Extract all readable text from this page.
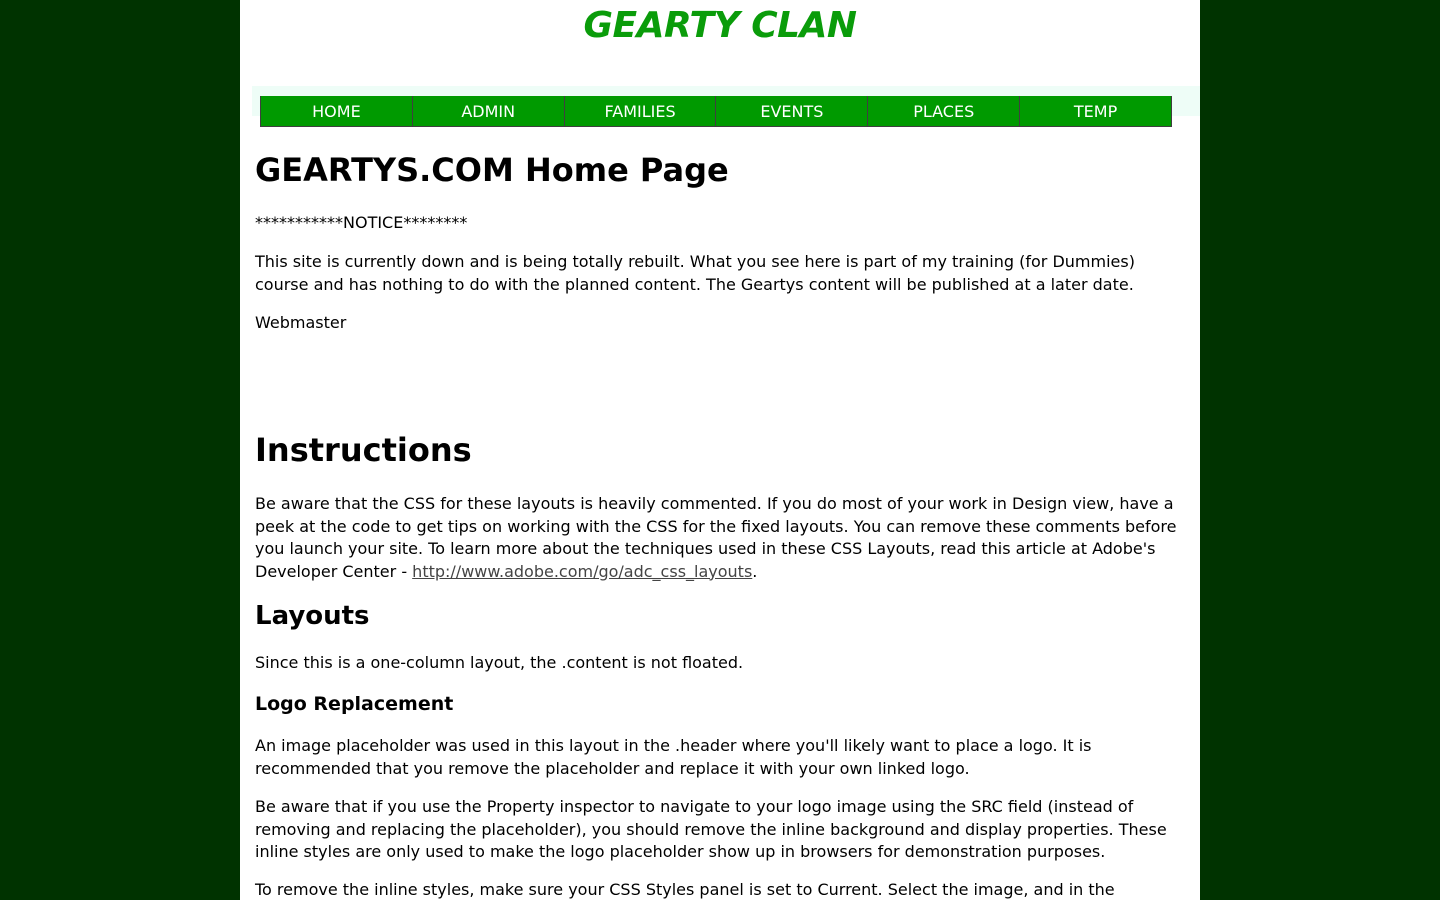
GEARTY CLAN
HOME	ADMIN	FAMILIES	EVENTS	PLACES	TEMP
GEARTYS.COM Home Page

***********NOTICE********

This site is currently down and is being totally rebuilt. What you see here is part of my training (for Dummies) course and has nothing to do with the planned content. The Geartys content will be published at a later date.

Webmaster

Instructions

Be aware that the CSS for these layouts is heavily commented. If you do most of your work in Design view, have a peek at the code to get tips on working with the CSS for the fixed layouts. You can remove these comments before you launch your site. To learn more about the techniques used in these CSS Layouts, read this article at Adobe's Developer Center - http://www.adobe.com/go/adc_css_layouts.

Layouts

Since this is a one-column layout, the .content is not floated.

Logo Replacement

An image placeholder was used in this layout in the .header where you'll likely want to place a logo. It is recommended that you remove the placeholder and replace it with your own linked logo.

Be aware that if you use the Property inspector to navigate to your logo image using the SRC field (instead of removing and replacing the placeholder), you should remove the inline background and display properties. These inline styles are only used to make the logo placeholder show up in browsers for demonstration purposes.

To remove the inline styles, make sure your CSS Styles panel is set to Current. Select the image, and in the
